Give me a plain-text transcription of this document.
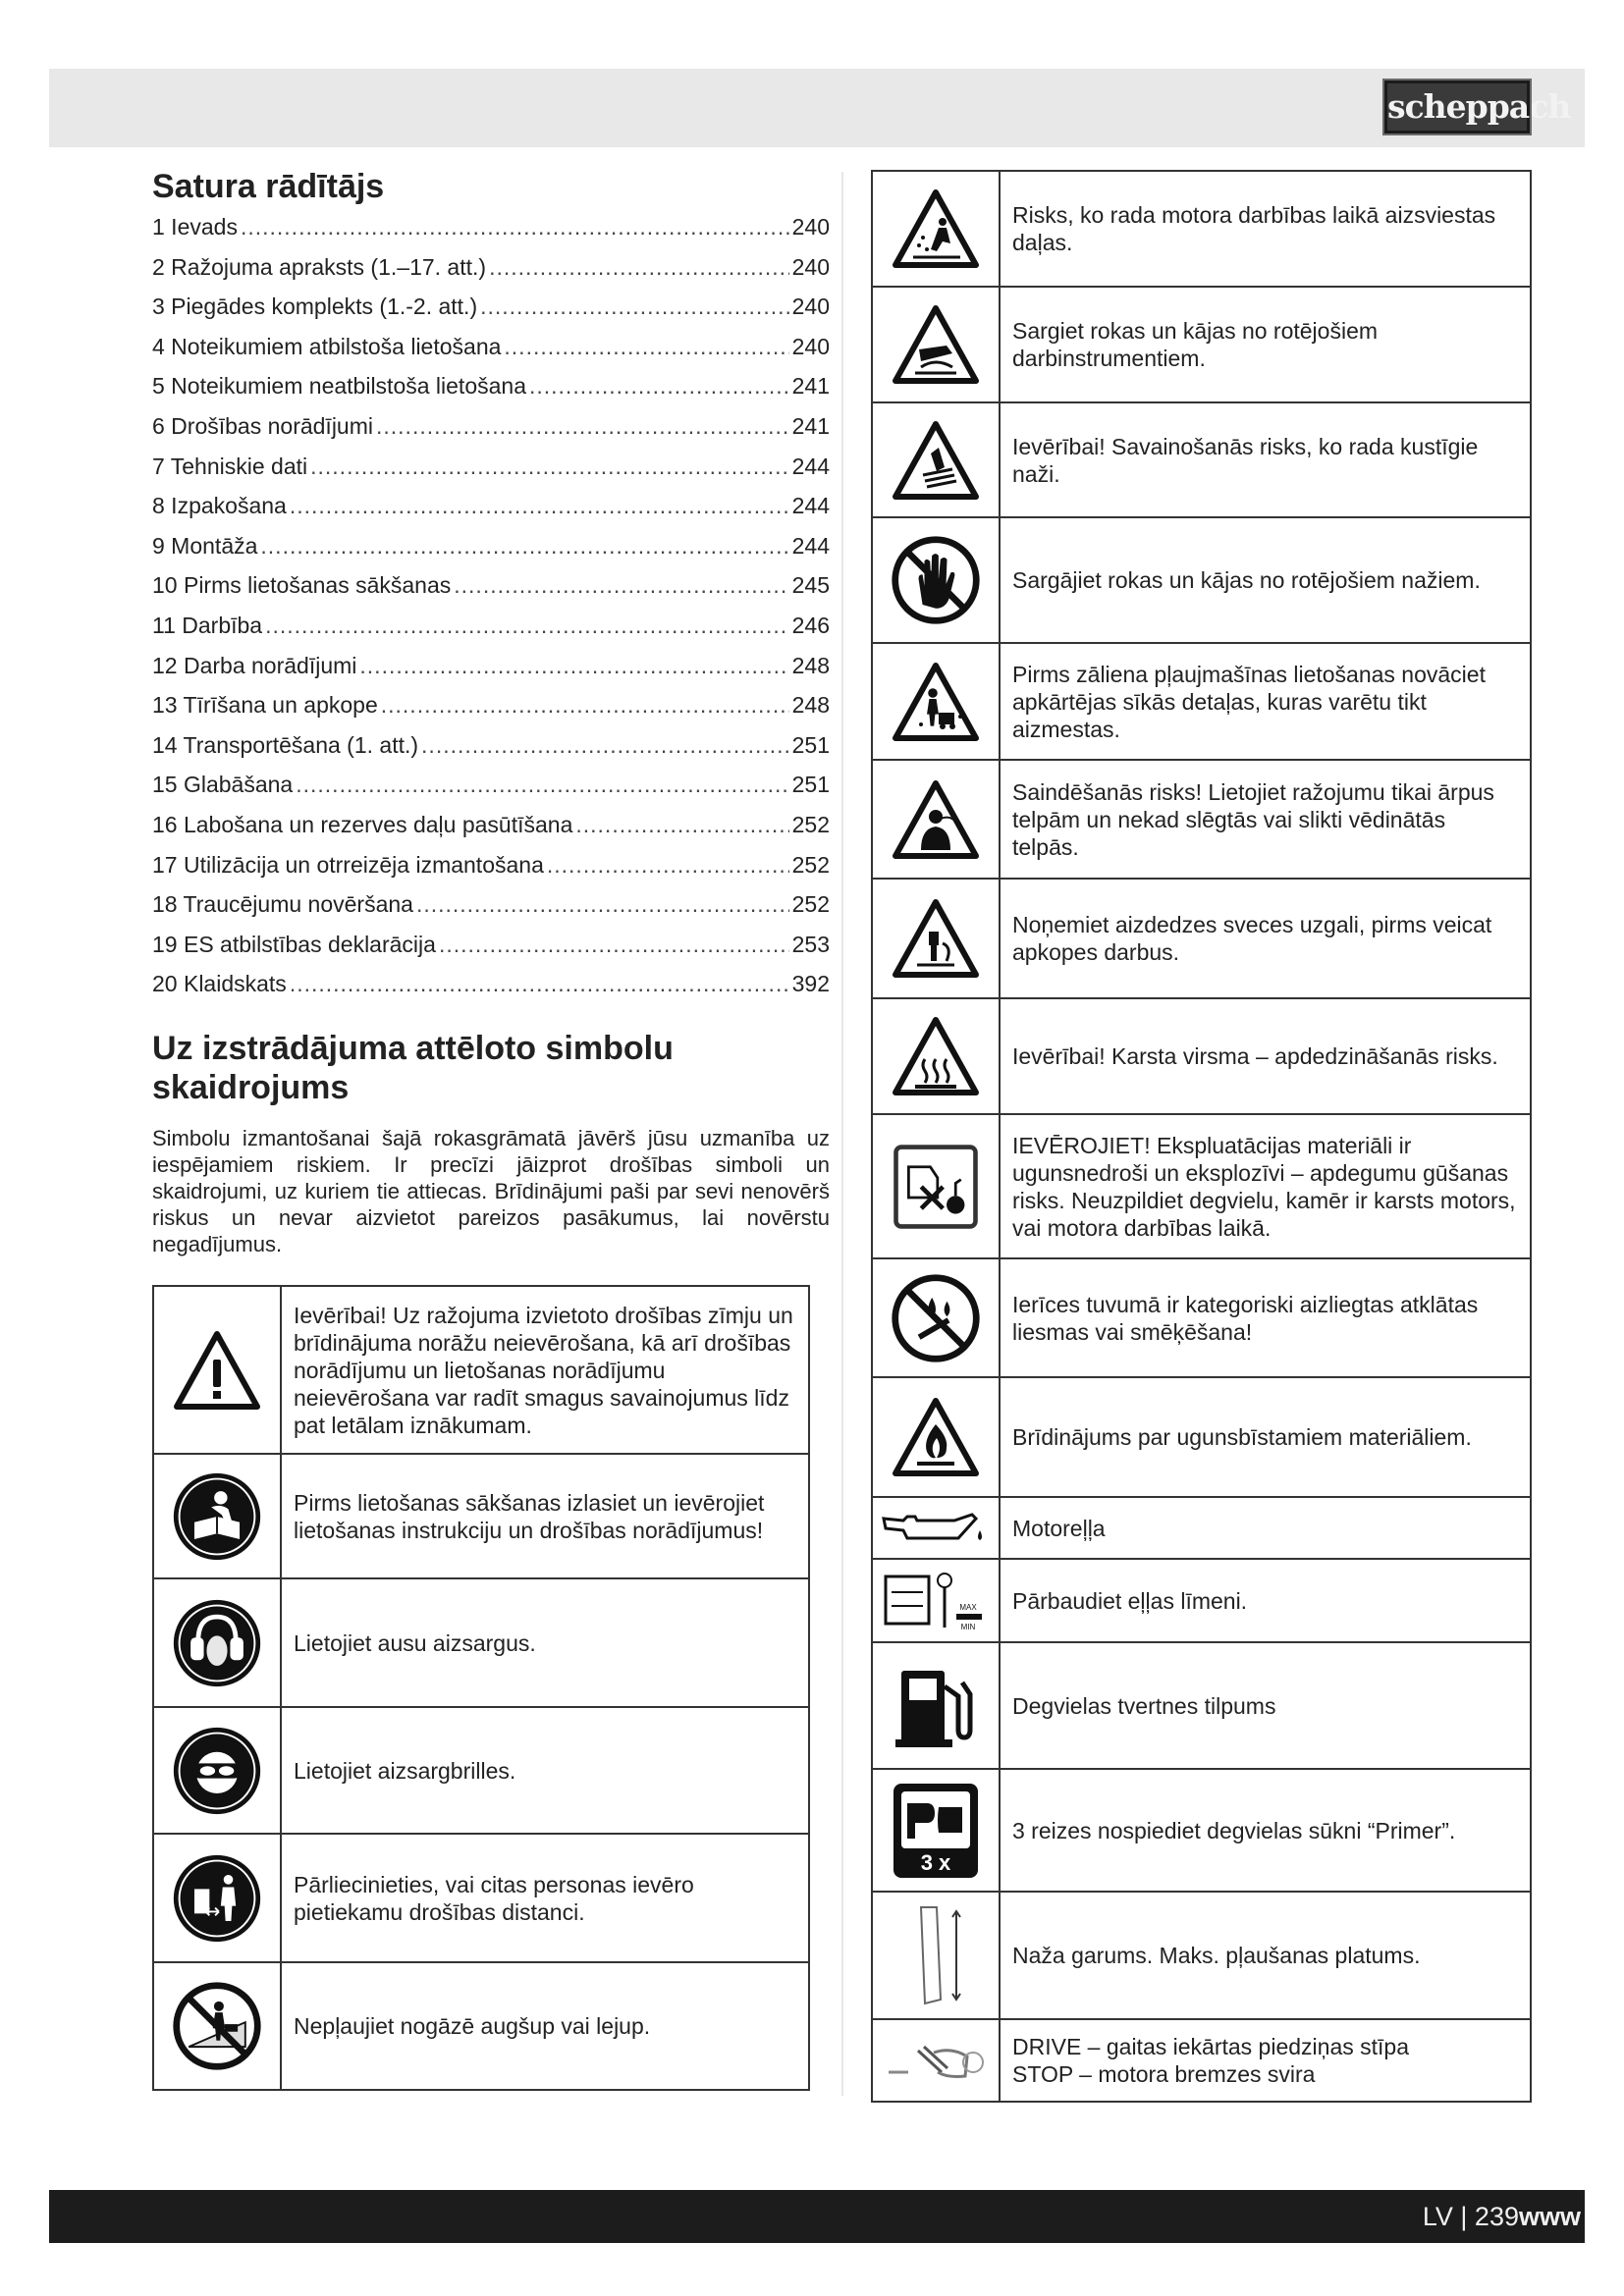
scheppach
Satura rādītājs
1 Ievads .....	240
2 Ražojuma apraksts (1.–17. att.) .....	240
3 Piegādes komplekts (1.-2. att.) .....	240
4 Noteikumiem atbilstoša lietošana .....	240
5 Noteikumiem neatbilstoša lietošana .....	241
6 Drošības norādījumi .....	241
7 Tehniskie dati .....	244
8 Izpakošana .....	244
9 Montāža .....	244
10 Pirms lietošanas sākšanas .....	245
11 Darbība .....	246
12 Darba norādījumi .....	248
13 Tīrīšana un apkope .....	248
14 Transportēšana (1. att.) .....	251
15 Glabāšana .....	251
16 Labošana un rezerves daļu pasūtīšana .....	252
17 Utilizācija un otrreizēja izmantošana .....	252
18 Traucējumu novēršana .....	252
19 ES atbilstības deklarācija .....	253
20 Klaidskats .....	392
Uz izstrādājuma attēloto simbolu skaidrojums

Simbolu izmantošanai šajā rokasgrāmatā jāvērš jūsu uzmanība uz iespējamiem riskiem. Ir precīzi jāizprot drošības simboli un skaidrojumi, uz kuriem tie attiecas. Brīdinājumi paši par sevi nenovērš riskus un nevar aizvietot pareizos pasākumus, lai novērstu negadījumus.

	Ievērībai! Uz ražojuma izvietoto drošības zīmju un brīdinājuma norāžu neievērošana, kā arī drošības norādījumu un lietošanas norādījumu neievērošana var radīt smagus savainojumus līdz pat letālam iznākumam.

	Pirms lietošanas sākšanas izlasiet un ievērojiet lietošanas instrukciju un drošības norādījumus!

	Lietojiet ausu aizsargus.

	Lietojiet aizsargbrilles.

	Pārliecinieties, vai citas personas ievēro pietiekamu drošības distanci.

	Nepļaujiet nogāzē augšup vai lejup.
	Risks, ko rada motora darbības laikā aizsviestas daļas.

	Sargiet rokas un kājas no rotējošiem darbinstrumentiem.

	Ievērībai! Savainošanās risks, ko rada kustīgie naži.

	Sargājiet rokas un kājas no rotējošiem nažiem.

	Pirms zāliena pļaujmašīnas lietošanas novāciet apkārtējas sīkās detaļas, kuras varētu tikt aizmestas.

	Saindēšanās risks! Lietojiet ražojumu tikai ārpus telpām un nekad slēgtās vai slikti vēdinātās telpās.

	Noņemiet aizdedzes sveces uzgali, pirms veicat apkopes darbus.

	Ievērībai! Karsta virsma – apdedzināšanās risks.

	IEVĒROJIET! Ekspluatācijas materiāli ir ugunsnedroši un eksplozīvi – apdegumu gūšanas risks. Neuzpildiet degvielu, kamēr ir karsts motors, vai motora darbības laikā.

	Ierīces tuvumā ir kategoriski aizliegtas atklātas liesmas vai smēķēšana!

	Brīdinājums par ugunsbīstamiem materiāliem.

	Motoreļļa

MAX
MIN	Pārbaudiet eļļas līmeni.

	Degvielas tvertnes tilpums

3 x	3 reizes nospiediet degvielas sūkni “Primer”.

	Naža garums. Maks. pļaušanas platums.

	DRIVE – gaitas iekārtas piedziņas stīpa
STOP – motora bremzes svira
LV | 239www
